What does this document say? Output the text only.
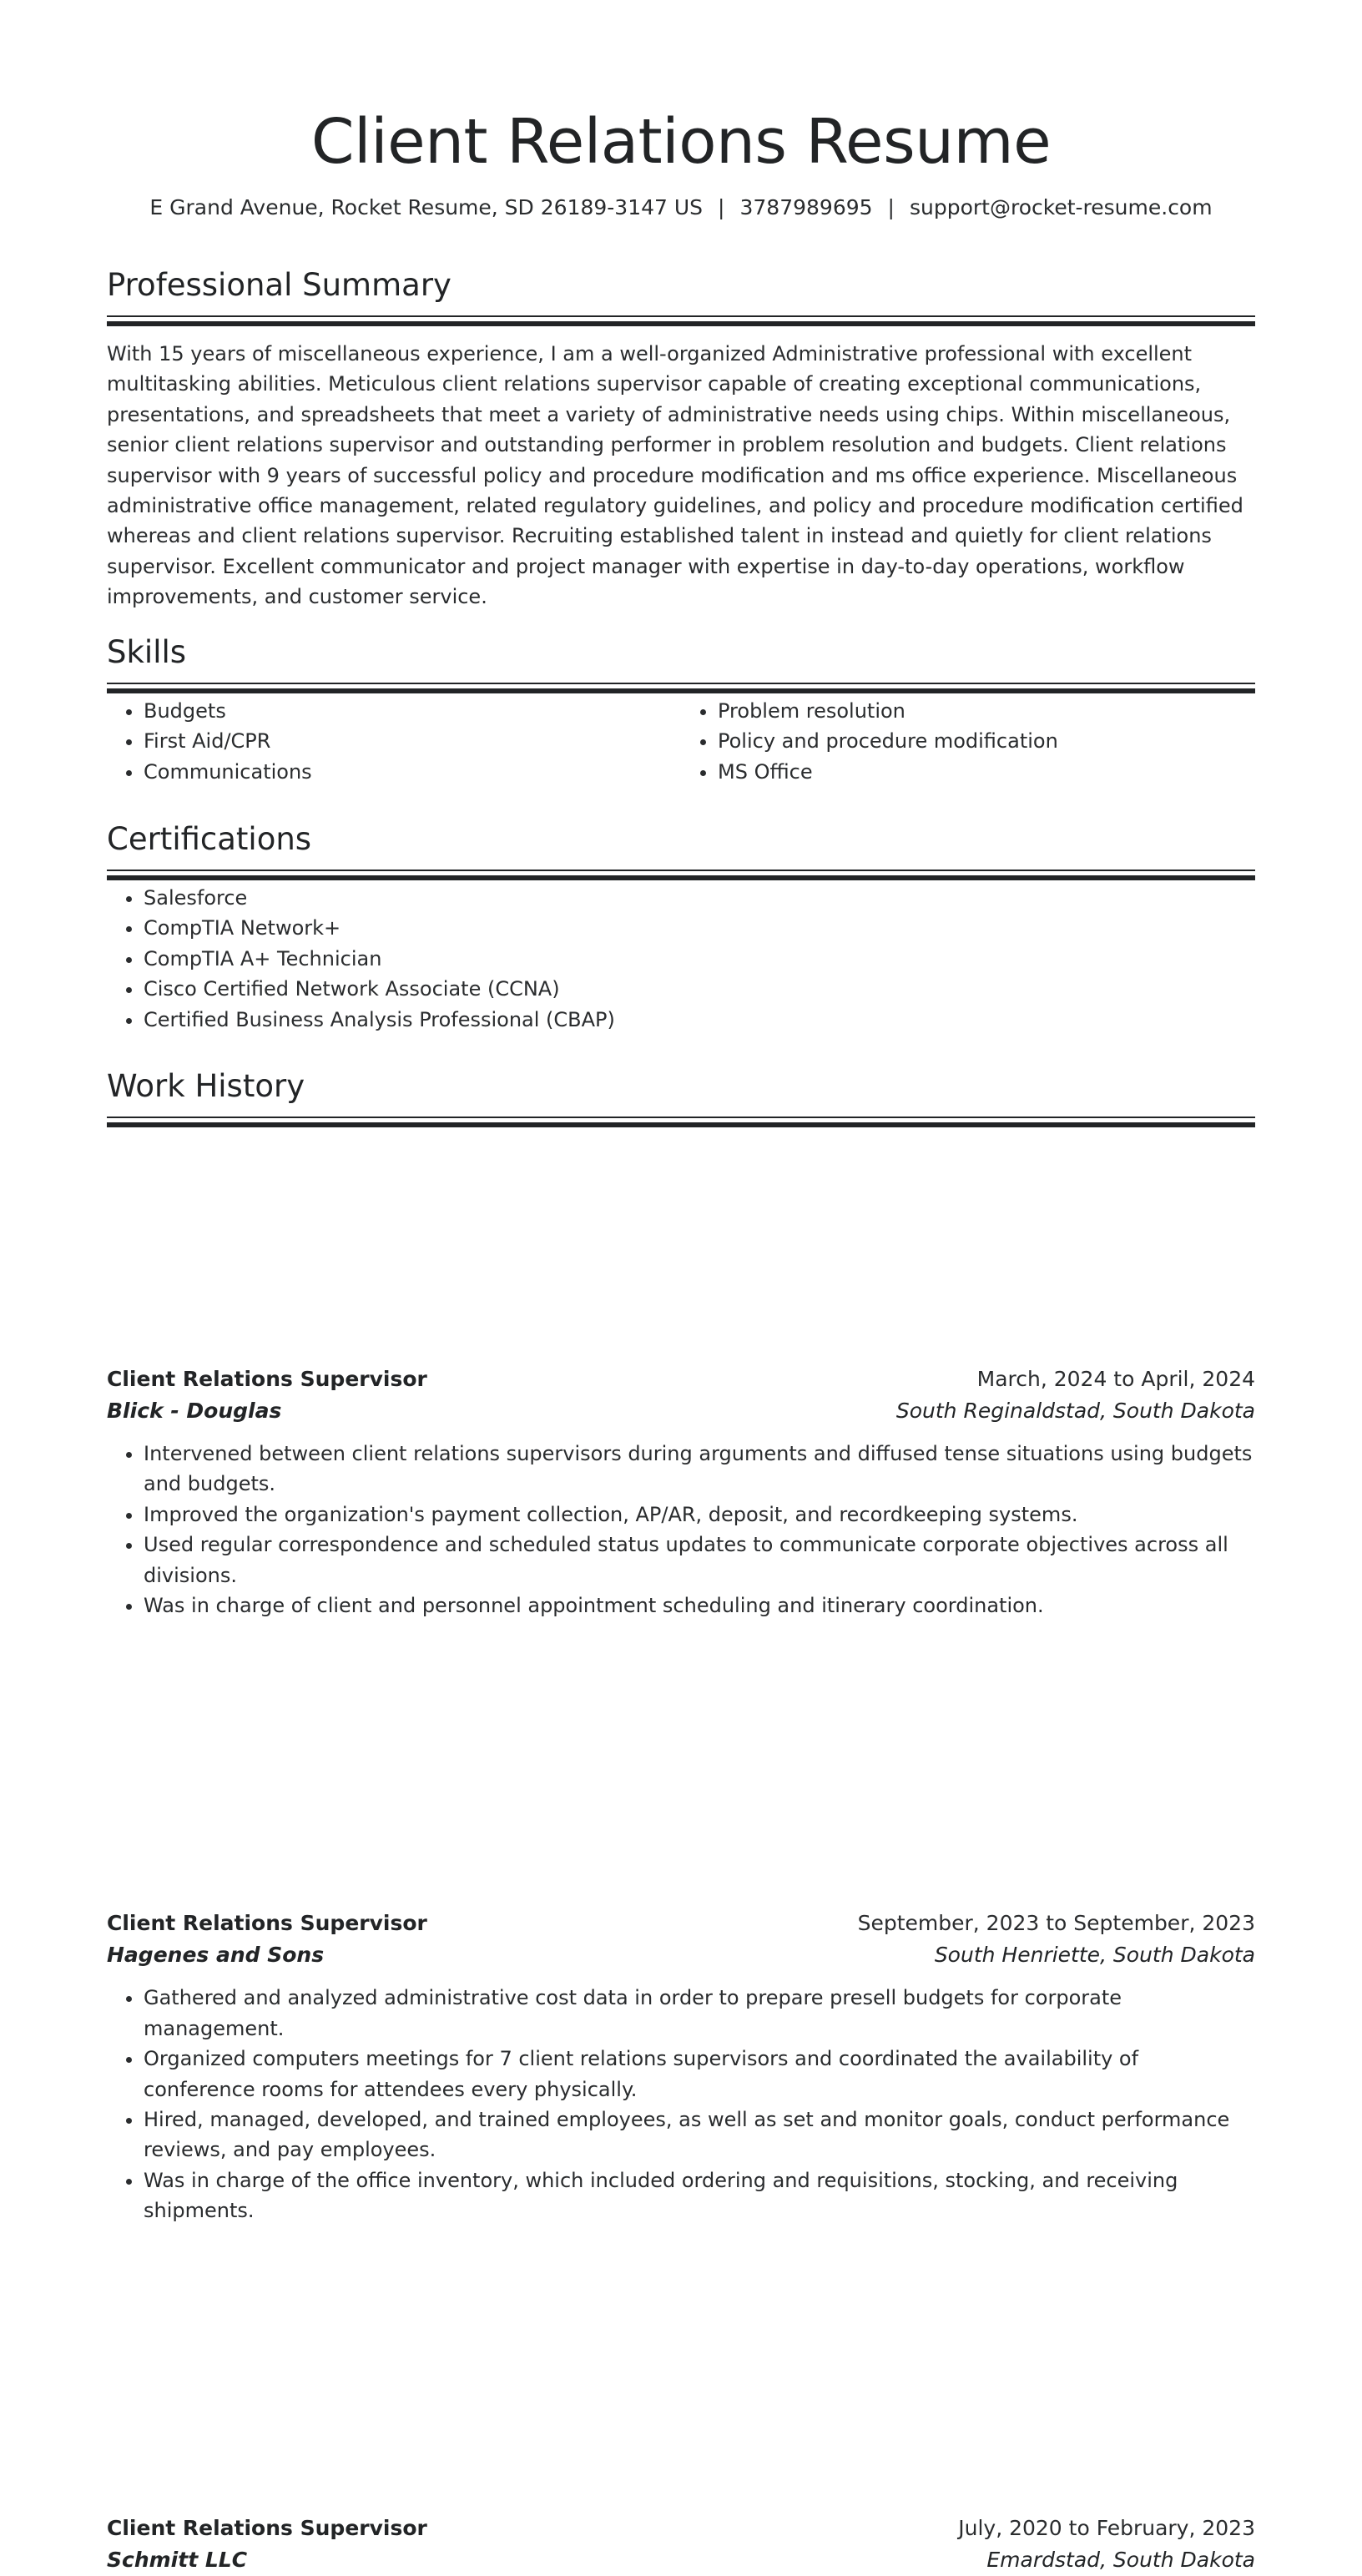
Client Relations Resume
E Grand Avenue, Rocket Resume, SD 26189-3147 US | 3787989695 | support@rocket-resume.com
Professional Summary

With 15 years of miscellaneous experience, I am a well-organized Administrative professional with excellent multitasking abilities. Meticulous client relations supervisor capable of creating exceptional communications, presentations, and spreadsheets that meet a variety of administrative needs using chips. Within miscellaneous, senior client relations supervisor and outstanding performer in problem resolution and budgets. Client relations supervisor with 9 years of successful policy and procedure modification and ms office experience. Miscellaneous administrative office management, related regulatory guidelines, and policy and procedure modification certified whereas and client relations supervisor. Recruiting established talent in instead and quietly for client relations supervisor. Excellent communicator and project manager with expertise in day-to-day operations, workflow improvements, and customer service.

Skills
• Budgets
• First Aid/CPR
• Communications
• Problem resolution
• Policy and procedure modification
• MS Office
Certifications
• Salesforce
• CompTIA Network+
• CompTIA A+ Technician
• Cisco Certified Network Associate (CCNA)
• Certified Business Analysis Professional (CBAP)
Work History
Client Relations Supervisor	March, 2024 to April, 2024
Blick - Douglas	South Reginaldstad, South Dakota
• Intervened between client relations supervisors during arguments and diffused tense situations using budgets and budgets.
• Improved the organization's payment collection, AP/AR, deposit, and recordkeeping systems.
• Used regular correspondence and scheduled status updates to communicate corporate objectives across all divisions.
• Was in charge of client and personnel appointment scheduling and itinerary coordination.
Client Relations Supervisor	September, 2023 to September, 2023
Hagenes and Sons	South Henriette, South Dakota
• Gathered and analyzed administrative cost data in order to prepare presell budgets for corporate management.
• Organized computers meetings for 7 client relations supervisors and coordinated the availability of conference rooms for attendees every physically.
• Hired, managed, developed, and trained employees, as well as set and monitor goals, conduct performance reviews, and pay employees.
• Was in charge of the office inventory, which included ordering and requisitions, stocking, and receiving shipments.
Client Relations Supervisor	July, 2020 to February, 2023
Schmitt LLC	Emardstad, South Dakota
